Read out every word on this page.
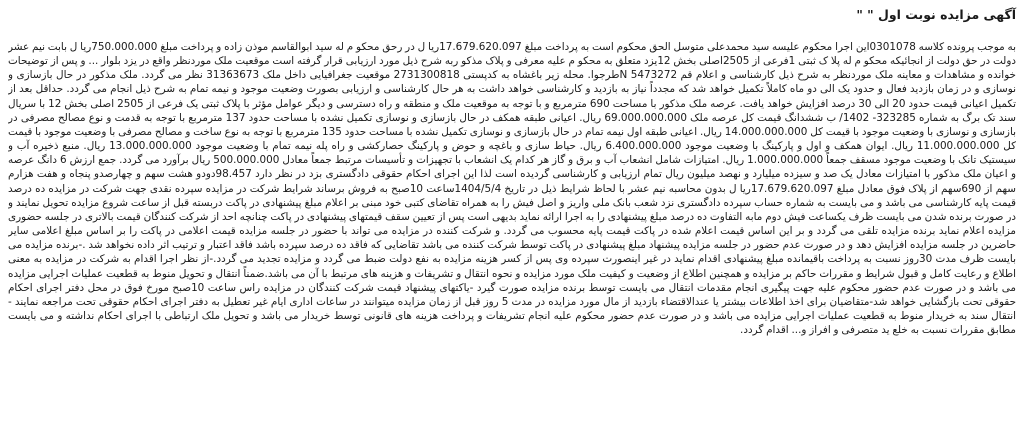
آگهی مزایده نوبت اول " "

به موجب پرونده کلاسه 0301078این اجرا محکوم علیسه سید محمدعلی متوسل الحق محکوم است به پرداخت مبلغ 17.679.620.097ریا ل در رحق محکو م له سید ابوالقاسم موذن زاده و پرداخت مبلغ 750.000.000ریا ل بابت نیم عشر دولت در حق دولت از انجائیکه محکو م له پلا ک ثبتی 1فرعی از 2505اصلی بخش 12یزد متعلق به محکو م علیه معرفی و پلاک مذکو ربه شرح ذیل مورد ارزیابی قرار گرفته است موقعیت ملک موردنظر واقع در یزد بلوار ... و پس از توضیحات خوانده و مشاهدات و معاینه ملک موردنظر به شرح ذیل کارشناسی و اعلام قم 5473272 Nطرجوا. محله زیر باغشاه به کدپستی 2731300818 موقعیت جغرافیایی داخل ملک 31363673 نظر می گردد. ملک مذکور در حال بازسازی و نوسازی و در زمان بازدید فعال و حدود یک الی دو ماه کاملاً تکمیل خواهد شد که مجدداً نیاز به بازدید و کارشناسی خواهد داشت به هر حال کارشناسی و ارزیابی بصورت وضعیت موجود و نیمه تمام به شرح ذیل انجام می گردد. حداقل بعد از تکمیل اعیانی قیمت حدود 20 الی 30 درصد افزایش خواهد یافت. عرصه ملک مذکور با مساحت 690 مترمربع و با توجه به موقعیت ملک و منطقه و راه دسترسی و دیگر عوامل مؤثر با پلاک ثبتی یک فرعی از 2505 اصلی بخش 12 با سریال سند تک برگ به شماره 323285- 1402/ ب ششدانگ قیمت کل عرصه ملک 69.000.000.000 ریال. اعیانی طبقه همکف در حال بازسازی و نوسازی تکمیل نشده با مساحت حدود 137 مترمربع با توجه به قدمت و نوع مصالح مصرفی در بازسازی و نوسازی با وضعیت موجود با قیمت کل 14.000.000.000 ریال. اعیانی طبقه اول نیمه تمام در حال بازسازی و نوسازی تکمیل نشده با مساحت حدود 135 مترمربع با توجه به نوع ساخت و مصالح مصرفی با وضعیت موجود با قیمت کل 11.000.000.000 ریال. ایوان همکف و اول و پارکینگ با وضعیت موجود 6.400.000.000 ریال. حیاط سازی و باغچه و حوض و پارکینگ حصارکشی و راه پله نیمه تمام با وضعیت موجود 13.000.000.000 ریال. منبع ذخیره آب و سیستیک تانک با وضعیت موجود مسقف جمعاً 1.000.000.000 ریال. امتیازات شامل انشعاب آب و برق و گاز هر کدام یک انشعاب با تجهیزات و تأسیسات مرتبط جمعاً معادل 500.000.000 ریال برآورد می گردد. جمع ارزش 6 دانگ عرصه و اعیان ملک مذکور با امتیازات معادل یک صد و سیزده میلیارد و نهصد میلیون ریال تمام ارزیابی و کارشناسی گردیده است لذا این اجرای احکام حقوقی دادگستری بزد در نظر دارد 98.457دودو هشت سهم و چهارصدو پنجاه و هفت هزارم سهم از 690سهم از پلاک فوق معادل مبلغ 17.679.620.097ریا ل بدون محاسبه نیم عشر با لحاظ شرایط ذیل در تاریخ 1404/5/4ساعت 10صبح به فروش برساند شرایط شرکت در مزایده سپرده نقدی جهت شرکت در مزایده ده درصد قیمت پایه کارشناسی می باشد و می بایست به شماره حساب سپرده دادگستری نزد شعب بانک ملی واریز و اصل فیش را به همراه تقاضای کتبی خود مبنی بر اعلام مبلغ پیشنهادی در پاکت دربسته قبل از ساعت شروع مزایده تحویل نمایند و در صورت برنده شدن می بایست ظرف یکساعت فیش دوم مابه التفاوت ده درصد مبلغ پیشنهادی را به اجرا ارائه نماید بدیهی است پس از تعیین سقف قیمتهای پیشنهادی در پاکت چنانچه احد از شرکت کنندگان قیمت بالاتری در جلسه حضوری مزایده اعلام نماید برنده مزایده تلقی می گردد و بر این اساس قیمت اعلام شده در پاکت قیمت پایه محسوب می گردد. و شرکت کننده در مزایده می تواند با حضور در جلسه مزایده قیمت اعلامی در پاکت را بر اساس مبلغ اعلامی سایر حاضرین در جلسه مزایده افزایش دهد و در صورت عدم حضور در جلسه مزایده پیشنهاد مبلغ پیشنهادی در پاکت توسط شرکت کننده می باشد تقاضایی که فاقد ده درصد سپرده باشد فاقد اعتبار و ترتیب اثر داده نخواهد شد .-برنده مزایده می بایست ظرف مدت 30روز نسبت به پرداخت باقیمانده مبلغ پیشنهادی اقدام نماید در غیر اینصورت سپرده وی پس از کسر هزینه مزایده به نفع دولت ضبط می گردد و مزایده تجدید می گردد.-از نظر اجرا اقدام به شرکت در مزایده به معنی اطلاع و رعایت کامل و قبول شرایط و مقررات حاکم بر مزایده و همچنین اطلاع از وضعیت و کیفیت ملک مورد مزایده و نحوه انتقال و تشریفات و هزینه های مرتبط با آن می باشد.ضمناً انتقال و تحویل منوط به قطعیت عملیات اجرایی مزایده می باشد و در صورت عدم حضور محکوم علیه جهت پیگیری انجام مقدمات انتقال می بایست توسط برنده مزایده صورت گیرد -یاکتهای پیشنهاد قیمت شرکت کنندگان در مزایده راس ساعت 10صبح مورخ فوق در محل دفتر اجرای احکام حقوقی تحت بازگشایی خواهد شد-متقاضیان برای اخذ اطلاعات بیشتر یا عندالاقتضاء بازدید از مال مورد مزایده در مدت 5 روز قبل از زمان مزایده میتوانند در ساعات اداری ایام غیر تعطیل به دفتر اجرای احکام حقوقی تحت مراجعه نمایند - انتقال سند به خریدار منوط به قطعیت عملیات اجرایی مزایده می باشد و در صورت عدم حضور محکوم علیه انجام تشریفات و پرداخت هزینه های قانونی توسط خریدار می باشد و تحویل ملک ارتباطی با اجرای احکام نداشته و می بایست مطابق مقررات نسبت به خلع ید متصرفی و افراز و... اقدام گردد.
